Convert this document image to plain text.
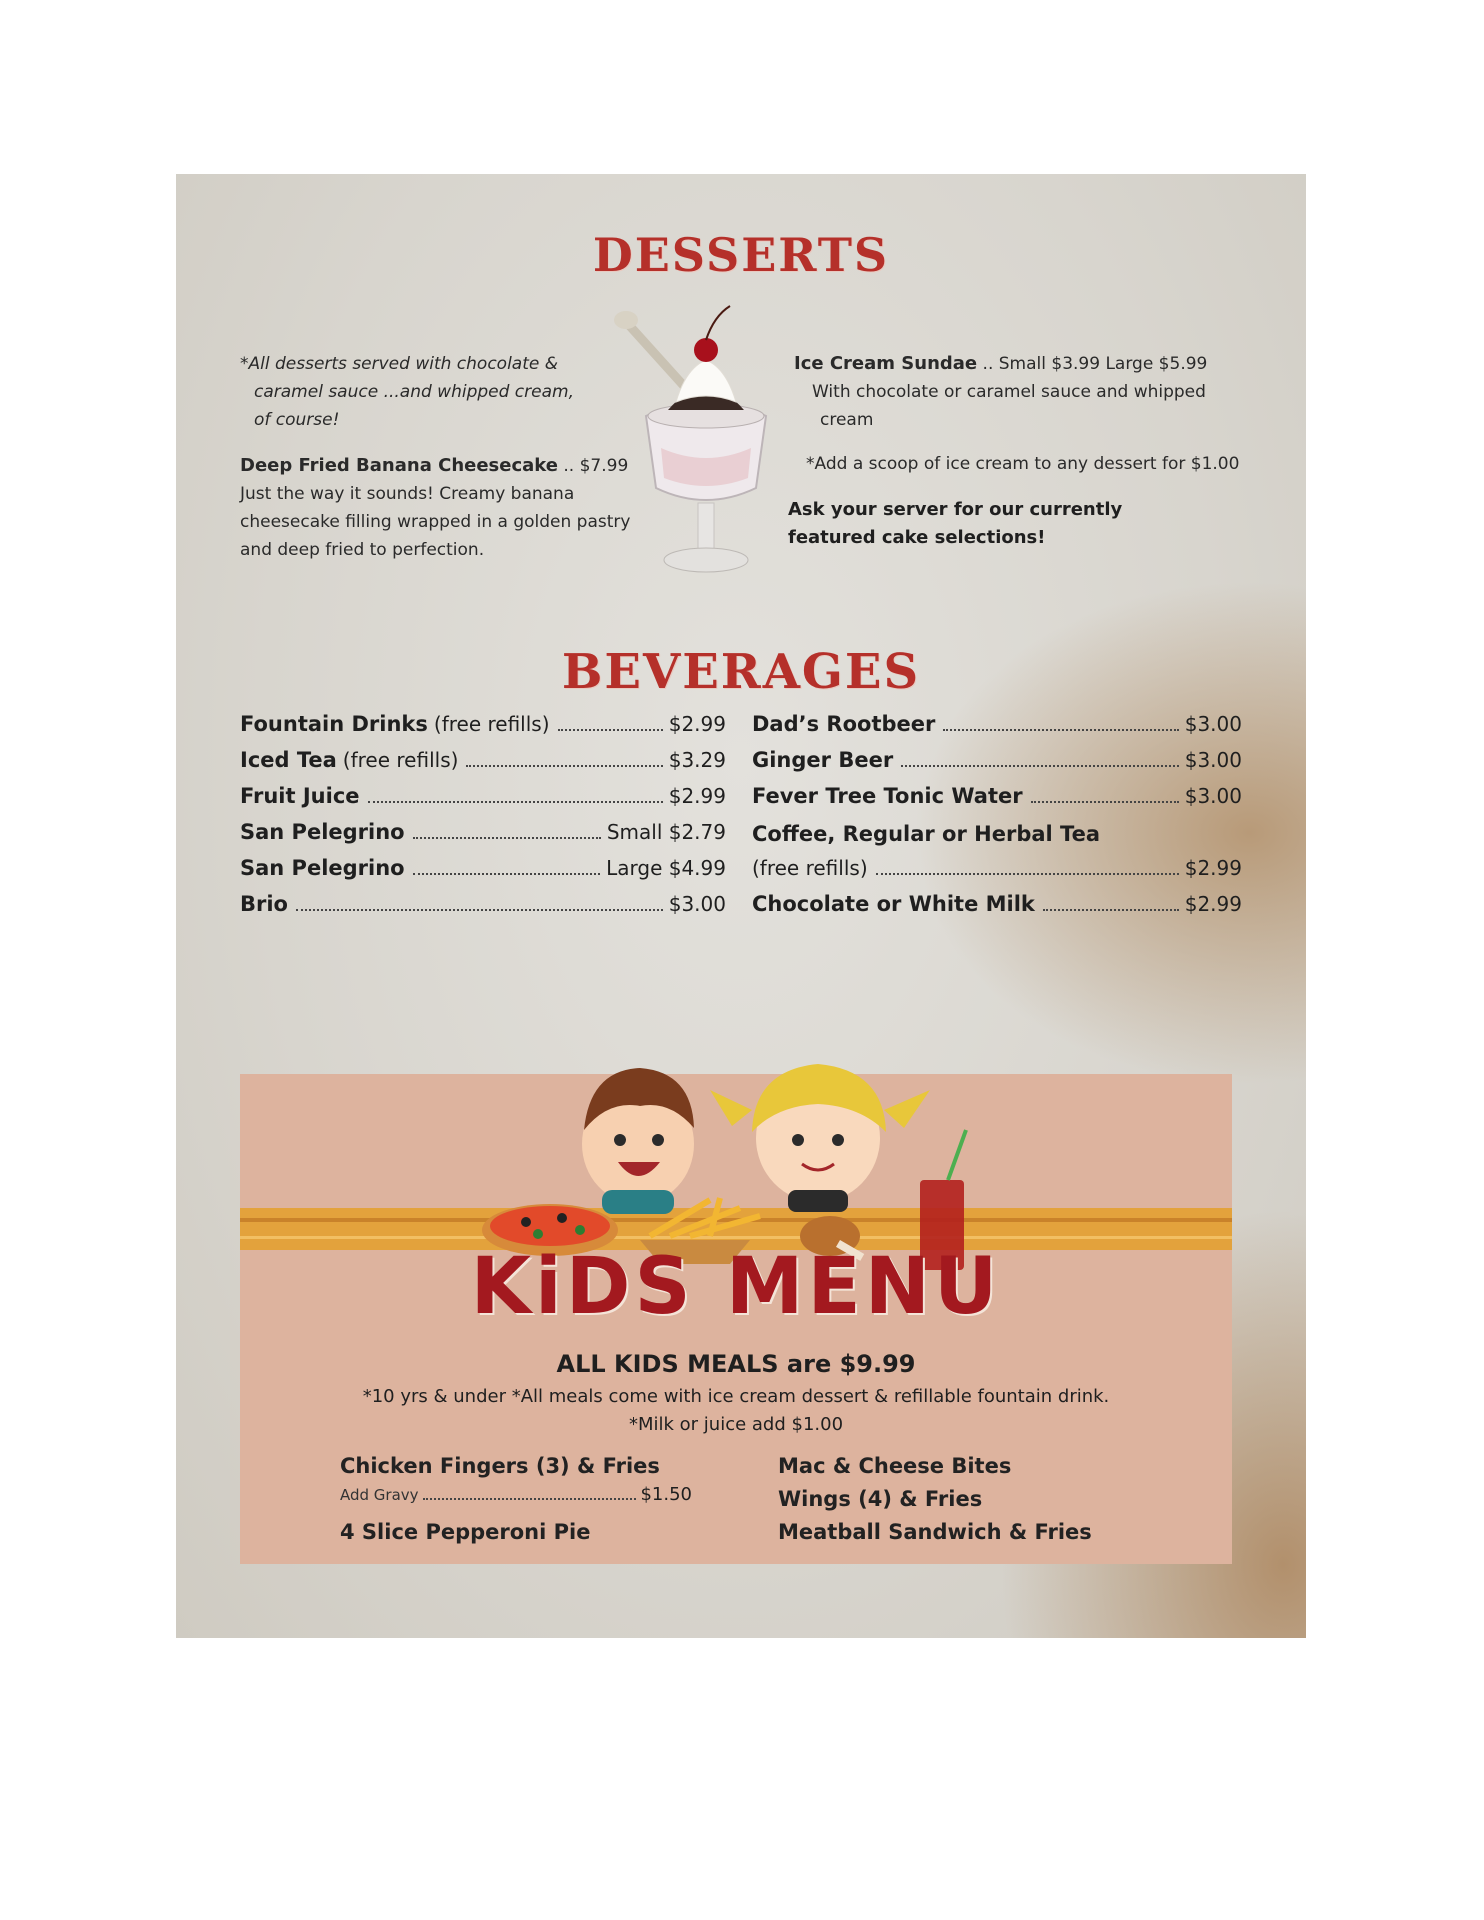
DESSERTS
*All desserts served with chocolate &
caramel sauce ...and whipped cream,
of course!
Deep Fried Banana Cheesecake .. $7.99
Just the way it sounds! Creamy banana
cheesecake filling wrapped in a golden pastry
and deep fried to perfection.
Ice Cream Sundae .. Small $3.99 Large $5.99
With chocolate or caramel sauce and whipped
cream
*Add a scoop of ice cream to any dessert for $1.00
Ask your server for our currently
featured cake selections!
BEVERAGES
Fountain Drinks (free refills)	$2.99
Iced Tea (free refills)	$3.29
Fruit Juice	$2.99
San Pelegrino	Small $2.79
San Pelegrino	Large $4.99
Brio	$3.00
Dad’s Rootbeer	$3.00
Ginger Beer	$3.00
Fever Tree Tonic Water	$3.00
Coffee, Regular or Herbal Tea
(free refills)	$2.99
Chocolate or White Milk	$2.99
KiDS MENU
ALL KIDS MEALS are $9.99
*10 yrs & under *All meals come with ice cream dessert & refillable fountain drink.
*Milk or juice add $1.00
Chicken Fingers (3) & Fries
Add Gravy	$1.50
4 Slice Pepperoni Pie
Mac & Cheese Bites
Wings (4) & Fries
Meatball Sandwich & Fries
